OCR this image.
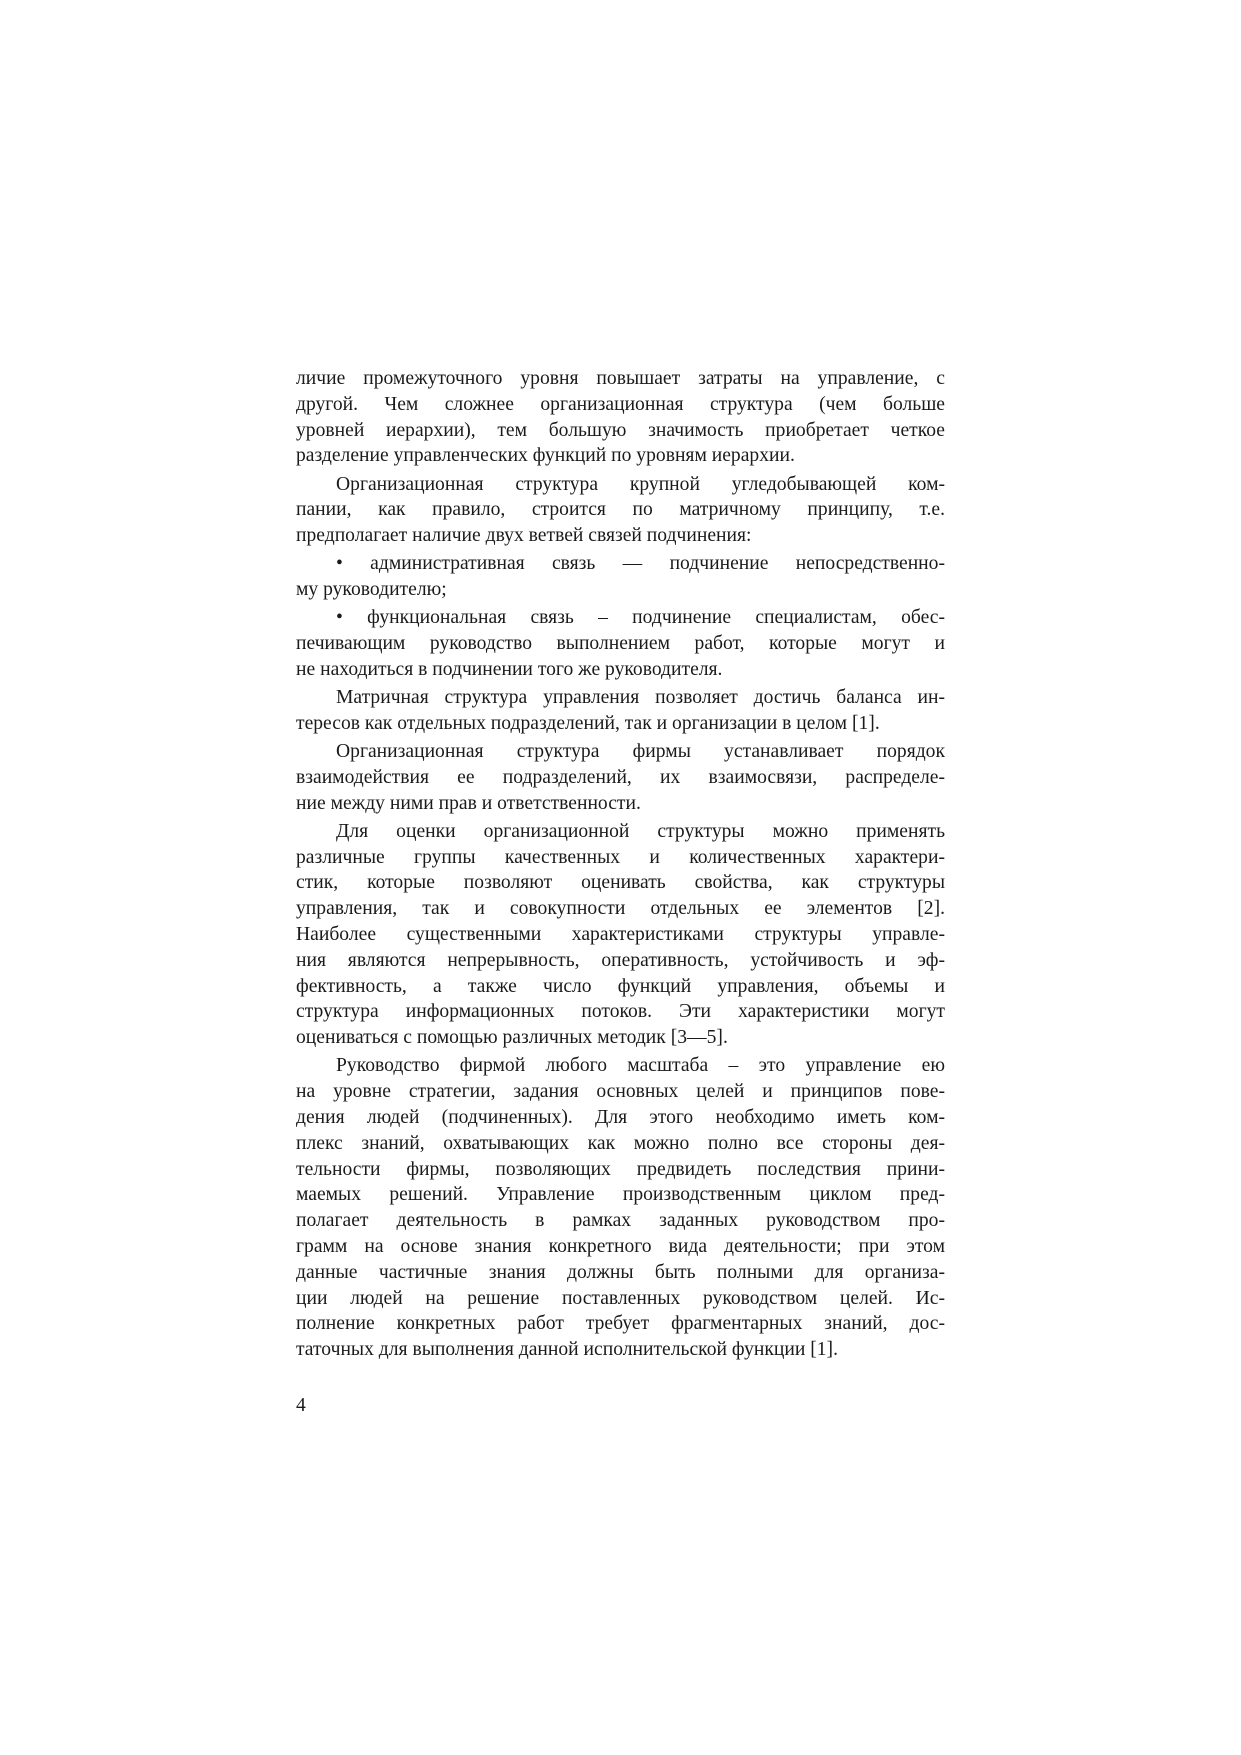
личие промежуточного уровня повышает затраты на управление, с
другой. Чем сложнее организационная структура (чем больше
уровней иерархии), тем большую значимость приобретает четкое
разделение управленческих функций по уровням иерархии.
Организационная структура крупной угледобывающей ком-
пании, как правило, строится по матричному принципу, т.е.
предполагает наличие двух ветвей связей подчинения:
• административная связь — подчинение непосредственно-
му руководителю;
• функциональная связь – подчинение специалистам, обес-
печивающим руководство выполнением работ, которые могут и
не находиться в подчинении того же руководителя.
Матричная структура управления позволяет достичь баланса ин-
тересов как отдельных подразделений, так и организации в целом [1].
Организационная структура фирмы устанавливает порядок
взаимодействия ее подразделений, их взаимосвязи, распределе-
ние между ними прав и ответственности.
Для оценки организационной структуры можно применять
различные группы качественных и количественных характери-
стик, которые позволяют оценивать свойства, как структуры
управления, так и совокупности отдельных ее элементов [2].
Наиболее существенными характеристиками структуры управле-
ния являются непрерывность, оперативность, устойчивость и эф-
фективность, а также число функций управления, объемы и
структура информационных потоков. Эти характеристики могут
оцениваться с помощью различных методик [3—5].
Руководство фирмой любого масштаба – это управление ею
на уровне стратегии, задания основных целей и принципов пове-
дения людей (подчиненных). Для этого необходимо иметь ком-
плекс знаний, охватывающих как можно полно все стороны дея-
тельности фирмы, позволяющих предвидеть последствия прини-
маемых решений. Управление производственным циклом пред-
полагает деятельность в рамках заданных руководством про-
грамм на основе знания конкретного вида деятельности; при этом
данные частичные знания должны быть полными для организа-
ции людей на решение поставленных руководством целей. Ис-
полнение конкретных работ требует фрагментарных знаний, дос-
таточных для выполнения данной исполнительской функции [1].
4
